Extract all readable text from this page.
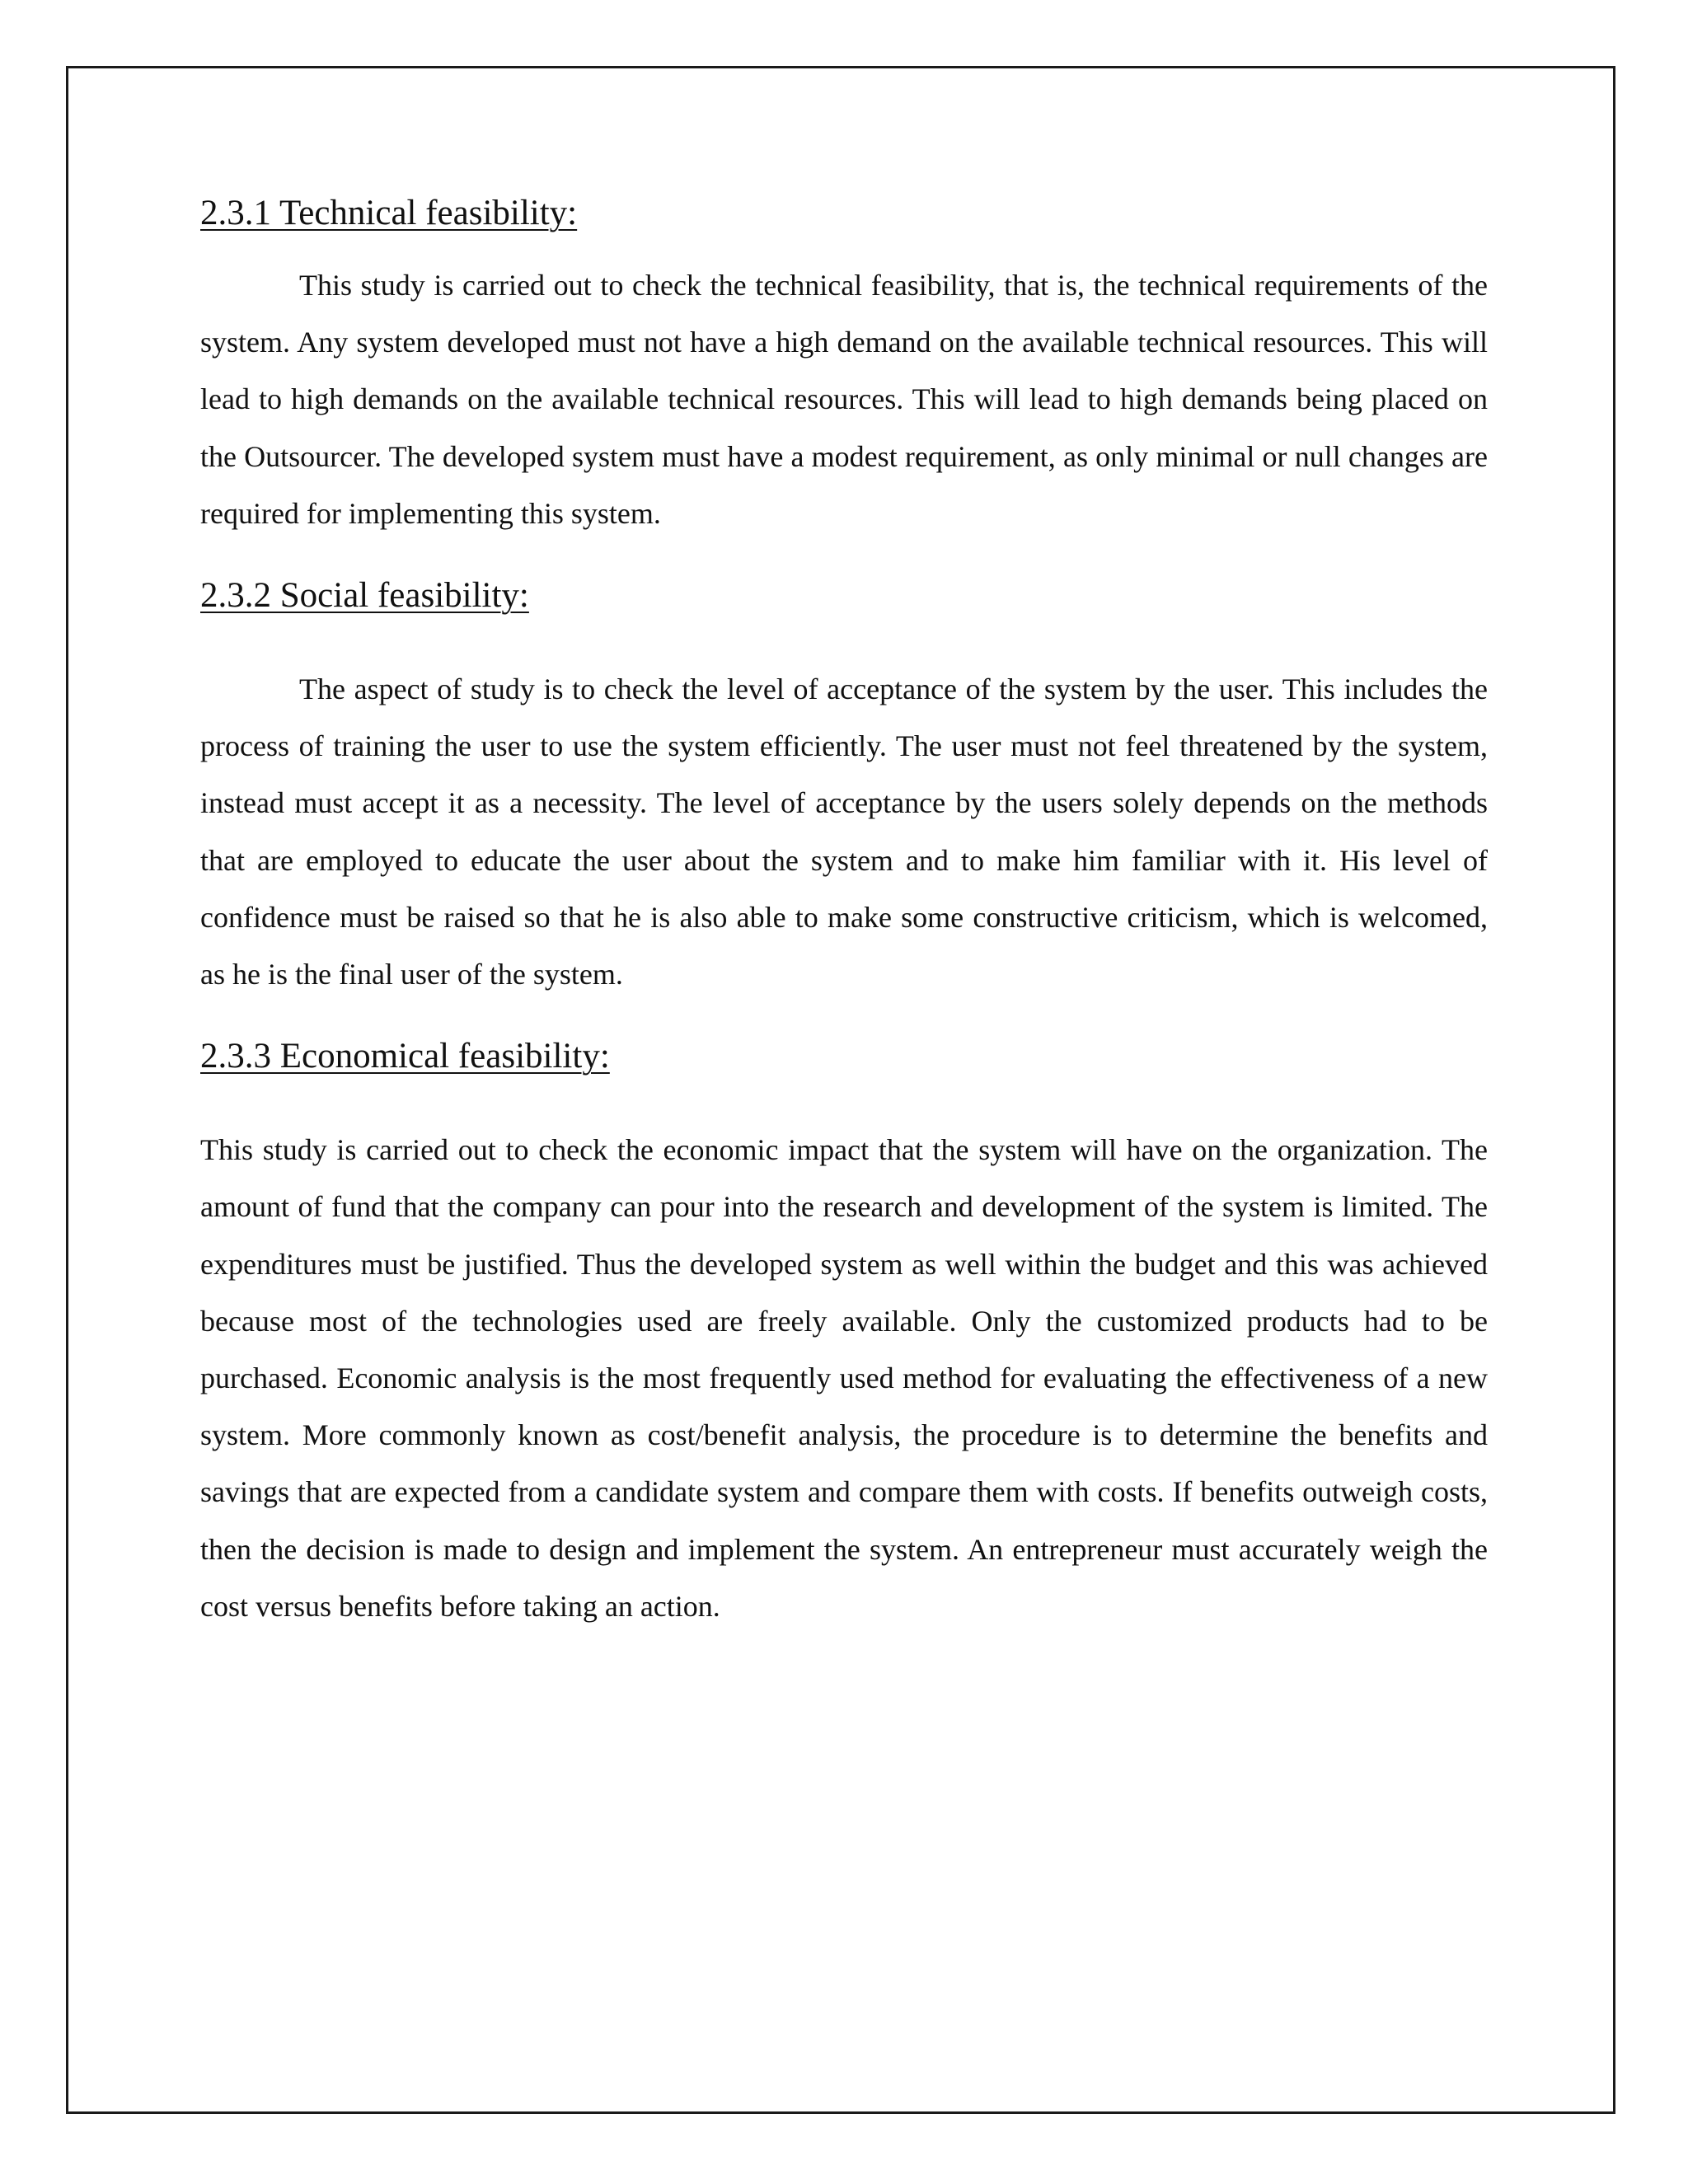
2.3.1 Technical feasibility:

This study is carried out to check the technical feasibility, that is, the technical requirements of the system. Any system developed must not have a high demand on the available technical resources. This will lead to high demands on the available technical resources. This will lead to high demands being placed on the Outsourcer. The developed system must have a modest requirement, as only minimal or null changes are required for implementing this system.

2.3.2 Social feasibility:

The aspect of study is to check the level of acceptance of the system by the user. This includes the process of training the user to use the system efficiently. The user must not feel threatened by the system, instead must accept it as a necessity. The level of acceptance by the users solely depends on the methods that are employed to educate the user about the system and to make him familiar with it. His level of confidence must be raised so that he is also able to make some constructive criticism, which is welcomed, as he is the final user of the system.

2.3.3 Economical feasibility:

This study is carried out to check the economic impact that the system will have on the organization. The amount of fund that the company can pour into the research and development of the system is limited. The expenditures must be justified. Thus the developed system as well within the budget and this was achieved because most of the technologies used are freely available. Only the customized products had to be purchased. Economic analysis is the most frequently used method for evaluating the effectiveness of a new system. More commonly known as cost/benefit analysis, the procedure is to determine the benefits and savings that are expected from a candidate system and compare them with costs. If benefits outweigh costs, then the decision is made to design and implement the system. An entrepreneur must accurately weigh the cost versus benefits before taking an action.
